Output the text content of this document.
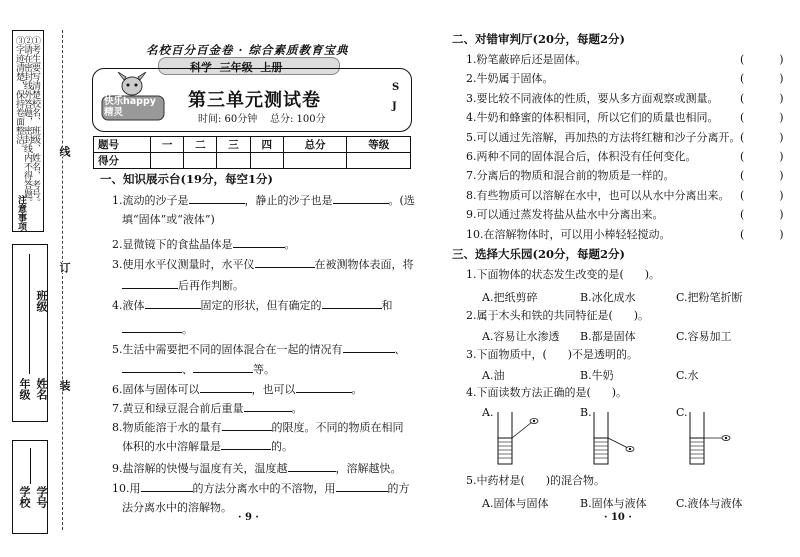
注意事项
①考生要写清楚校名、班级、姓名、考号。
②请在密封线外答题，密封线内不得答题。
③字迹清楚，保持卷面整洁。	线
订
装
学校 学号
年级 姓名
班级
名校百分百金卷 · 综合素质教育宝典
科学  三年级  上册
快乐happy精灵
第三单元测试卷
时间: 60分钟    总分: 100分
S
J
题号	一	二	三	四	总分	等级
得分						
一、知识展示台(19分，每空1分)
1.流动的沙子是	，静止的沙子也是	。(选
填“固体”或“液体”)
2.显微镜下的食盐晶体是	。
3.使用水平仪测量时，水平仪	在被测物体表面，将
后再作判断。
4.液体	固定的形状，但有确定的	和
。
5.生活中需要把不同的固体混合在一起的情况有	、
、	等。
6.固体与固体可以	，也可以	。
7.黄豆和绿豆混合前后重量	。
8.物质能溶于水的量有	的限度。不同的物质在相同
体积的水中溶解量是	的。
9.盐溶解的快慢与温度有关，温度越	，溶解越快。
10.用	的方法分离水中的不溶物，用	的方
法分离水中的溶解物。
二、对错审判厅(20分，每题2分)
1.粉笔蔽碎后还是固体。	(          )
2.牛奶属于固体。	(          )
3.要比较不同液体的性质，要从多方面观察或测量。 (          )
4.牛奶和蜂蜜的体积相同，所以它们的质量也相同。 (          )
5.可以通过先溶解，再加热的方法将红糖和沙子分离开。 (          )
6.两种不同的固体混合后，体积没有任何变化。	(          )
7.分离后的物质和混合前的物质是一样的。	(          )
8.有些物质可以溶解在水中，也可以从水中分离出来。 (          )
9.可以通过蒸发将盐从盐水中分离出来。	(          )
10.在溶解物体时，可以用小棒轻轻搅动。	(          )
三、选择大乐园(20分，每题2分)
1.下面物体的状态发生改变的是(      )。
A.把纸剪碎	B.冰化成水	C.把粉笔折断
2.属于木头和铁的共同特征是(      )。
A.容易让水渗透 B.都是固体	C.容易加工
3.下面物质中，(      )不是透明的。
A.油	B.牛奶	C.水
4.下面读数方法正确的是(      )。
A.	B.	C.
5.中药材是(      )的混合物。
A.固体与固体	B.固体与液体	C.液体与液体
· 9 ·	· 10 ·
